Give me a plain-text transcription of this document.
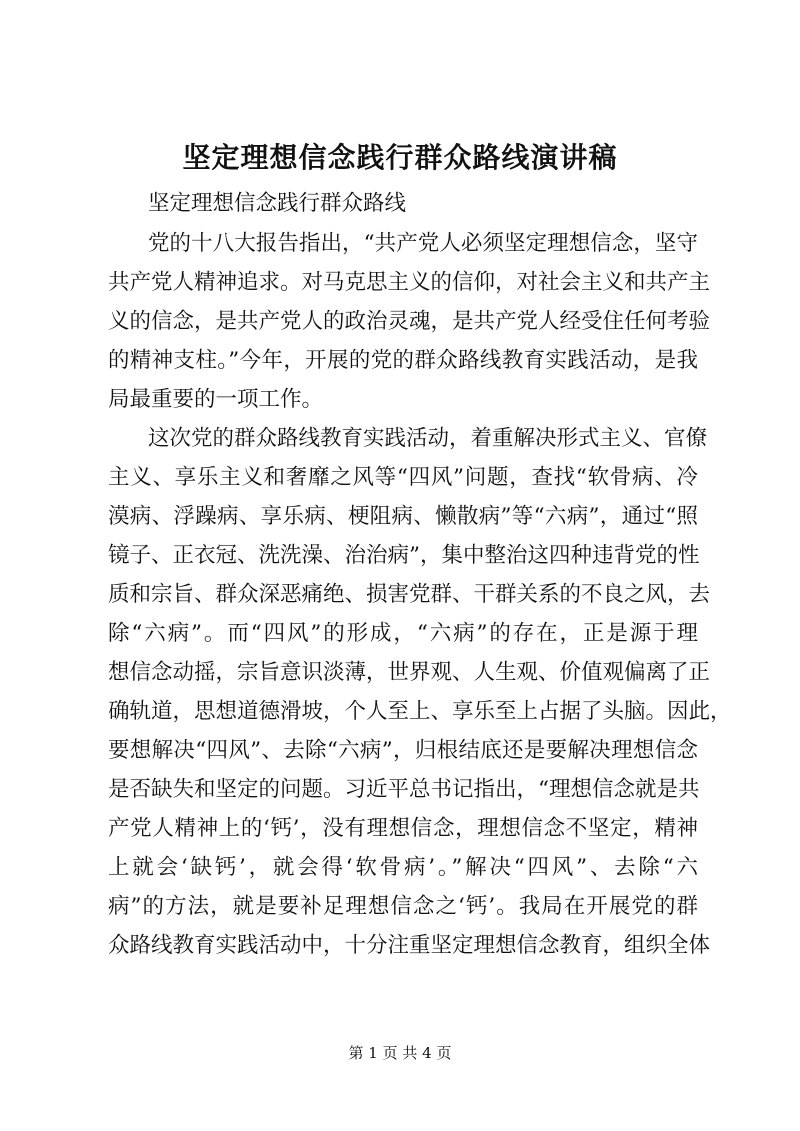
坚定理想信念践行群众路线演讲稿

坚定理想信念践行群众路线

党的十八大报告指出，“共产党人必须坚定理想信念，坚守

共产党人精神追求。对马克思主义的信仰，对社会主义和共产主

义的信念，是共产党人的政治灵魂，是共产党人经受住任何考验

的精神支柱。”今年，开展的党的群众路线教育实践活动，是我

局最重要的一项工作。

这次党的群众路线教育实践活动，着重解决形式主义、官僚

主义、享乐主义和奢靡之风等“四风”问题，查找“软骨病、冷

漠病、浮躁病、享乐病、梗阻病、懒散病”等“六病”，通过“照

镜子、正衣冠、洗洗澡、治治病”，集中整治这四种违背党的性

质和宗旨、群众深恶痛绝、损害党群、干群关系的不良之风，去

除“六病”。而“四风”的形成，“六病”的存在，正是源于理

想信念动摇，宗旨意识淡薄，世界观、人生观、价值观偏离了正

确轨道，思想道德滑坡，个人至上、享乐至上占据了头脑。因此，

要想解决“四风”、去除“六病”，归根结底还是要解决理想信念

是否缺失和坚定的问题。习近平总书记指出，“理想信念就是共

产党人精神上的‘钙’，没有理想信念，理想信念不坚定，精神

上就会‘缺钙’，就会得‘软骨病’。”解决“四风”、去除“六

病”的方法，就是要补足理想信念之‘钙’。我局在开展党的群

众路线教育实践活动中，十分注重坚定理想信念教育，组织全体

第 1 页 共 4 页
